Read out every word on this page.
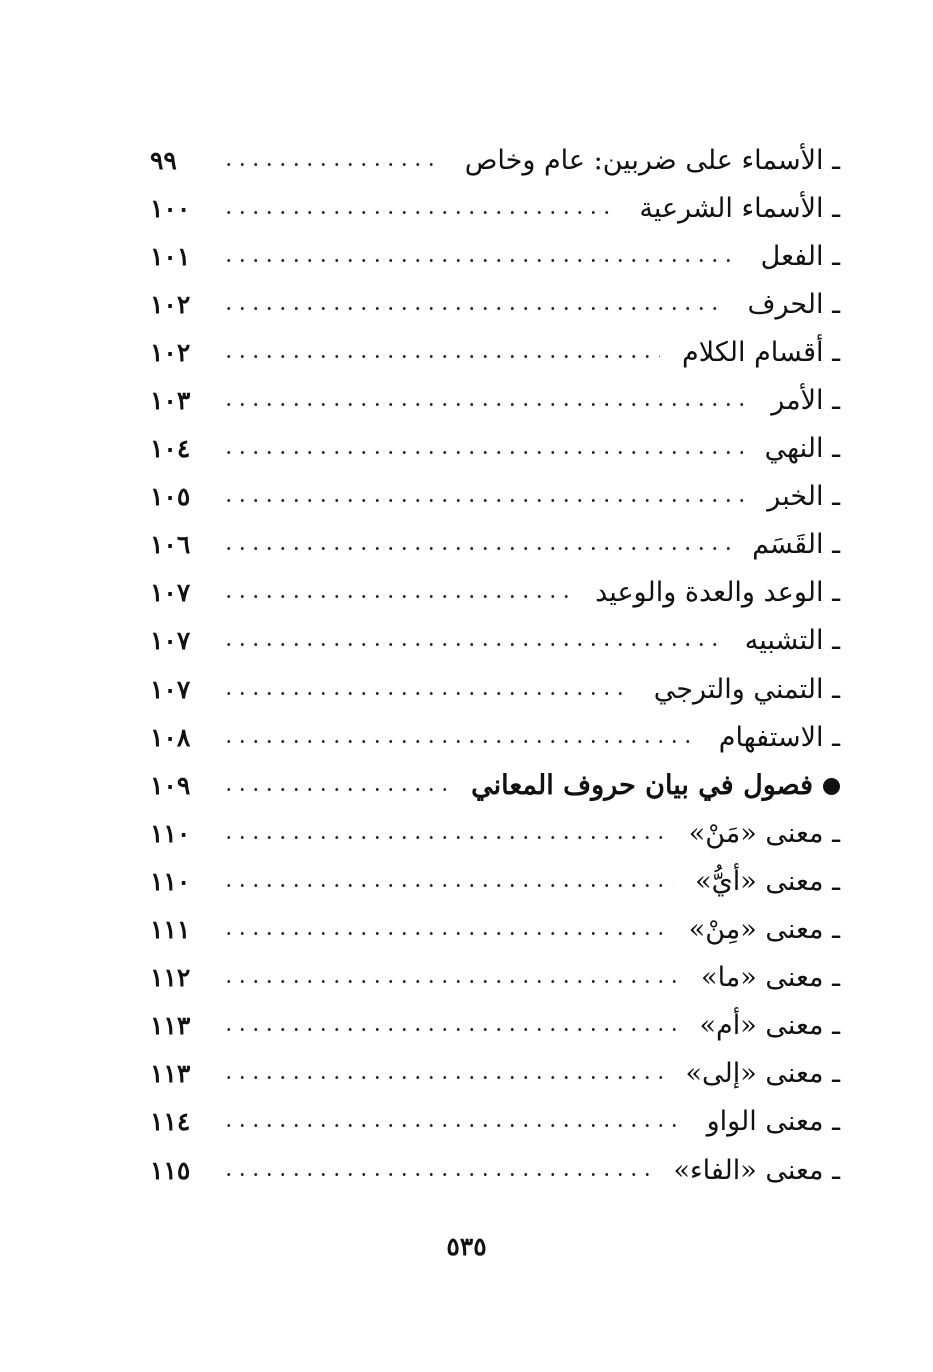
ـ الأسماء على ضربين: عام وخاص
٩٩
ـ الأسماء الشرعية
١٠٠
ـ الفعل
١٠١
ـ الحرف
١٠٢
ـ أقسام الكلام
١٠٢
ـ الأمر
١٠٣
ـ النهي
١٠٤
ـ الخبر
١٠٥
ـ القَسَم
١٠٦
ـ الوعد والعدة والوعيد
١٠٧
ـ التشبيه
١٠٧
ـ التمني والترجي
١٠٧
ـ الاستفهام
١٠٨
فصول في بيان حروف المعاني
١٠٩
ـ معنى «مَنْ»
١١٠
ـ معنى «أيُّ»
١١٠
ـ معنى «مِنْ»
١١١
ـ معنى «ما»
١١٢
ـ معنى «أم»
١١٣
ـ معنى «إلى»
١١٣
ـ معنى الواو
١١٤
ـ معنى «الفاء»
١١٥
٥٣٥
